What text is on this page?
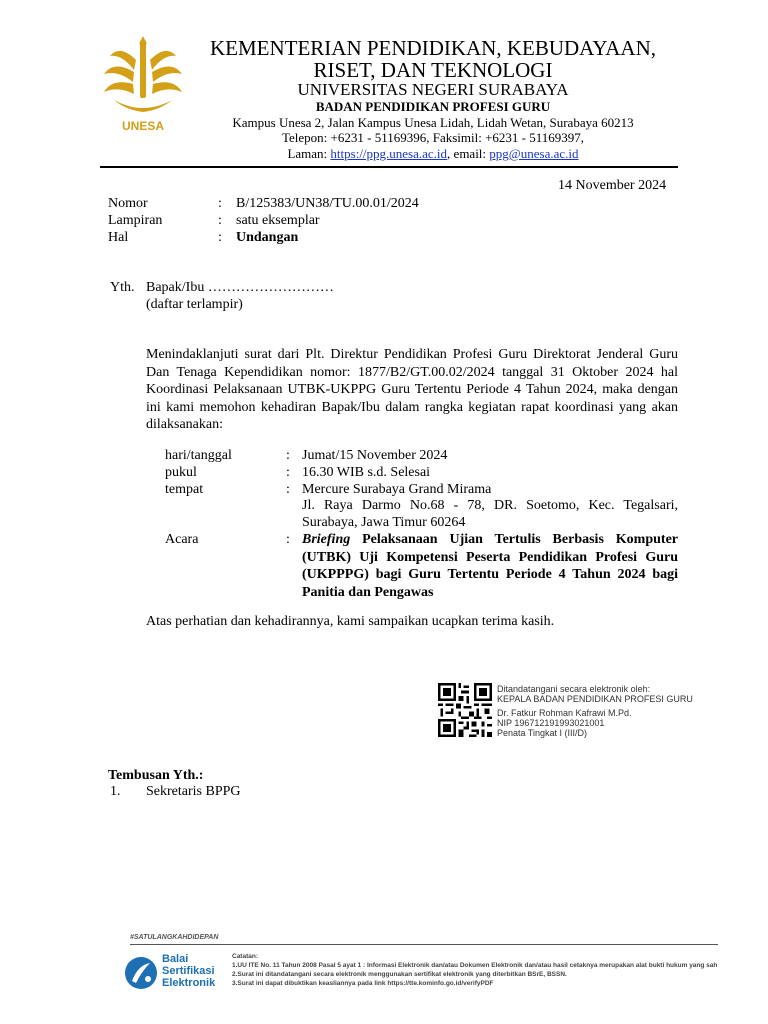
UNESA
KEMENTERIAN PENDIDIKAN, KEBUDAYAAN,
RISET, DAN TEKNOLOGI
UNIVERSITAS NEGERI SURABAYA
BADAN PENDIDIKAN PROFESI GURU
Kampus Unesa 2, Jalan Kampus Unesa Lidah, Lidah Wetan, Surabaya 60213
Telepon: +6231 - 51169396, Faksimil: +6231 - 51169397,
Laman: https://ppg.unesa.ac.id, email: ppg@unesa.ac.id
14 November 2024
Nomor	: B/125383/UN38/TU.00.01/2024
Lampiran	: satu eksemplar
Hal	: Undangan
Yth. Bapak/Ibu ………………………
(daftar terlampir)
Menindaklanjuti surat dari Plt. Direktur Pendidikan Profesi Guru Direktorat Jenderal Guru Dan Tenaga Kependidikan nomor: 1877/B2/GT.00.02/2024 tanggal 31 Oktober 2024 hal Koordinasi Pelaksanaan UTBK-UKPPG Guru Tertentu Periode 4 Tahun 2024, maka dengan ini kami memohon kehadiran Bapak/Ibu dalam rangka kegiatan rapat koordinasi yang akan dilaksanakan:
hari/tanggal	: Jumat/15 November 2024
pukul	: 16.30 WIB s.d. Selesai
tempat	: Mercure Surabaya Grand Mirama
Jl. Raya Darmo No.68 - 78, DR. Soetomo, Kec. Tegalsari, Surabaya, Jawa Timur 60264
Acara	: Briefing Pelaksanaan Ujian Tertulis Berbasis Komputer (UTBK) Uji Kompetensi Peserta Pendidikan Profesi Guru (UKPPPG) bagi Guru Tertentu Periode 4 Tahun 2024 bagi Panitia dan Pengawas
Atas perhatian dan kehadirannya, kami sampaikan ucapkan terima kasih.
Ditandatangani secara elektronik oleh:
KEPALA BADAN PENDIDIKAN PROFESI GURU
Dr. Fatkur Rohman Kafrawi M.Pd.
NIP 196712191993021001
Penata Tingkat I (III/D)
Tembusan Yth.:
1. Sekretaris BPPG
#SATULANGKAHDIDEPAN
Balai
Sertifikasi
Elektronik
Catatan:
1.UU ITE No. 11 Tahun 2008 Pasal 5 ayat 1 : Informasi Elektronik dan/atau Dokumen Elektronik dan/atau hasil cetaknya merupakan alat bukti hukum yang sah
2.Surat ini ditandatangani secara elektronik menggunakan sertifikat elektronik yang diterbitkan BSrE, BSSN.
3.Surat ini dapat dibuktikan keasliannya pada link https://tte.kominfo.go.id/verifyPDF
